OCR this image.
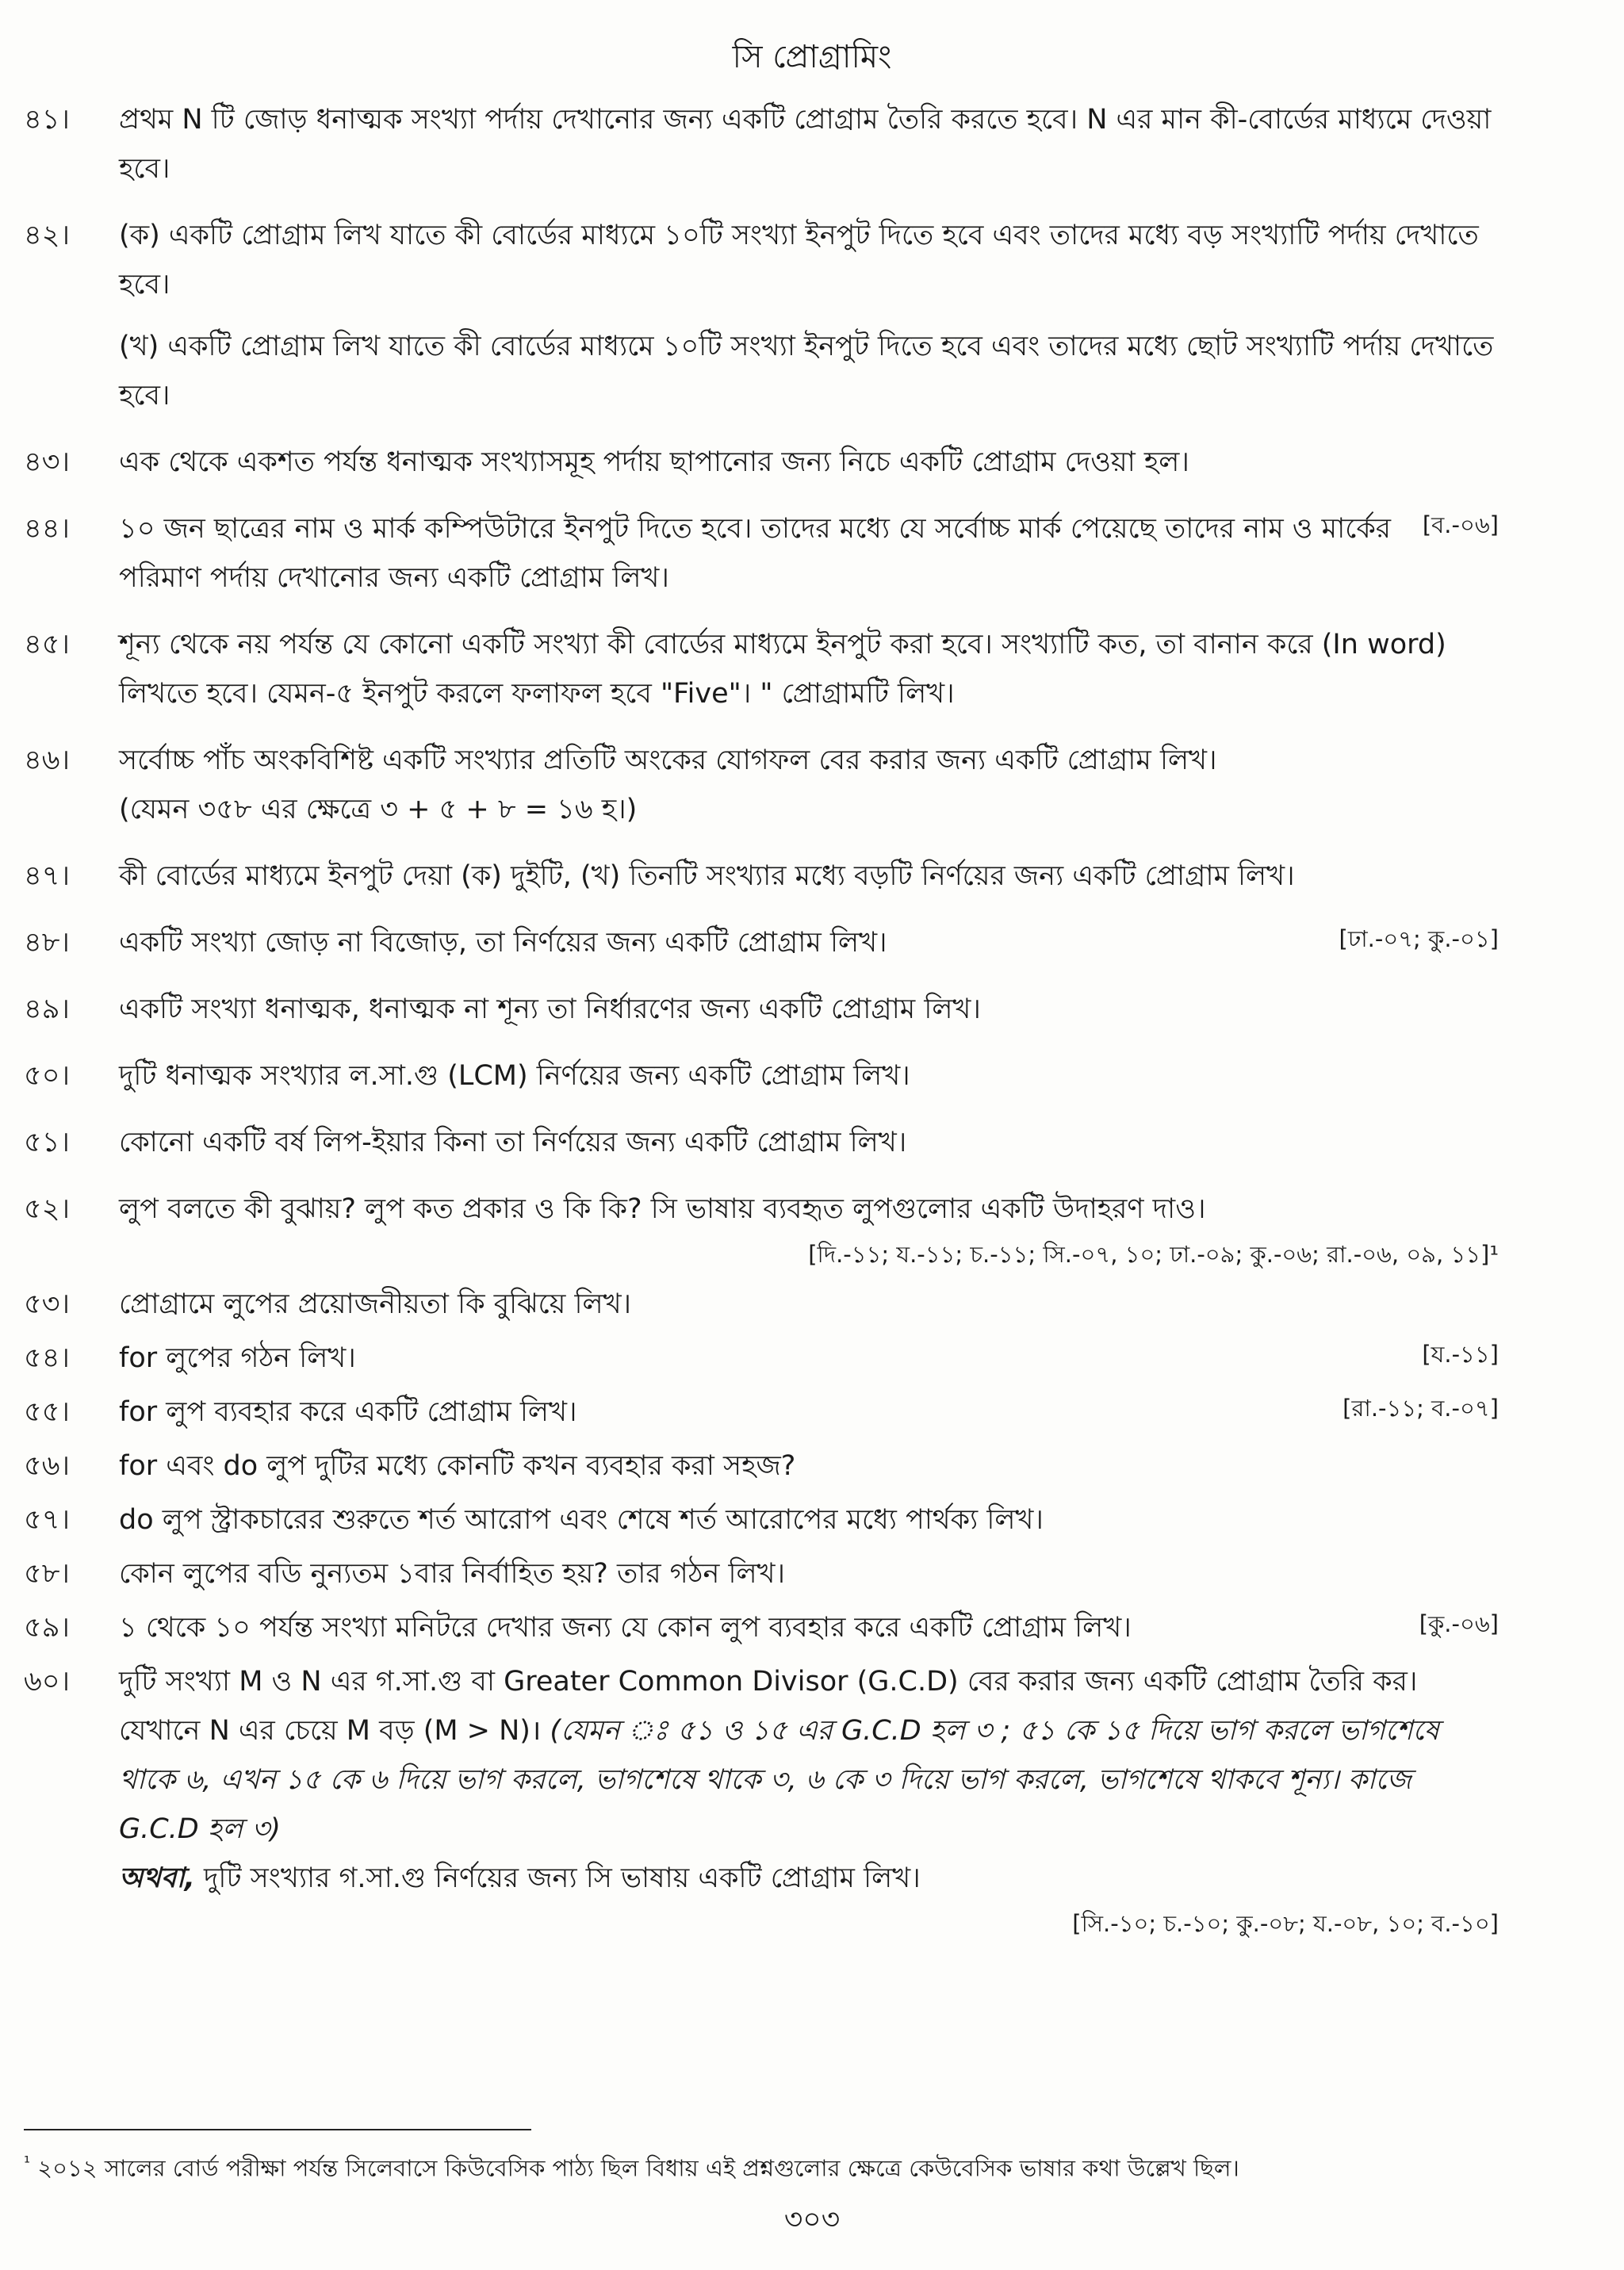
সি প্রোগ্রামিং
৪১।	প্রথম N টি জোড় ধনাত্মক সংখ্যা পর্দায় দেখানোর জন্য একটি প্রোগ্রাম তৈরি করতে হবে। N এর মান কী-বোর্ডের মাধ্যমে দেওয়া হবে।
৪২।	(ক) একটি প্রোগ্রাম লিখ যাতে কী বোর্ডের মাধ্যমে ১০টি সংখ্যা ইনপুট দিতে হবে এবং তাদের মধ্যে বড় সংখ্যাটি পর্দায় দেখাতে হবে।
(খ) একটি প্রোগ্রাম লিখ যাতে কী বোর্ডের মাধ্যমে ১০টি সংখ্যা ইনপুট দিতে হবে এবং তাদের মধ্যে ছোট সংখ্যাটি পর্দায় দেখাতে হবে।
৪৩।	এক থেকে একশত পর্যন্ত ধনাত্মক সংখ্যাসমূহ পর্দায় ছাপানোর জন্য নিচে একটি প্রোগ্রাম দেওয়া হল।
৪৪।	[ব.-০৬]
১০ জন ছাত্রের নাম ও মার্ক কম্পিউটারে ইনপুট দিতে হবে। তাদের মধ্যে যে সর্বোচ্চ মার্ক পেয়েছে তাদের নাম ও মার্কের পরিমাণ পর্দায় দেখানোর জন্য একটি প্রোগ্রাম লিখ।
৪৫।	শূন্য থেকে নয় পর্যন্ত যে কোনো একটি সংখ্যা কী বোর্ডের মাধ্যমে ইনপুট করা হবে। সংখ্যাটি কত, তা বানান করে (In word) লিখতে হবে। যেমন-৫ ইনপুট করলে ফলাফল হবে "Five"। " প্রোগ্রামটি লিখ।
৪৬।	সর্বোচ্চ পাঁচ অংকবিশিষ্ট একটি সংখ্যার প্রতিটি অংকের যোগফল বের করার জন্য একটি প্রোগ্রাম লিখ।
(যেমন ৩৫৮ এর ক্ষেত্রে ৩ + ৫ + ৮ = ১৬ হ।)
৪৭।	কী বোর্ডের মাধ্যমে ইনপুট দেয়া (ক) দুইটি, (খ) তিনটি সংখ্যার মধ্যে বড়টি নির্ণয়ের জন্য একটি প্রোগ্রাম লিখ।
৪৮।	[ঢা.-০৭; কু.-০১]
একটি সংখ্যা জোড় না বিজোড়, তা নির্ণয়ের জন্য একটি প্রোগ্রাম লিখ।
৪৯।	একটি সংখ্যা ধনাত্মক, ধনাত্মক না শূন্য তা নির্ধারণের জন্য একটি প্রোগ্রাম লিখ।
৫০।	দুটি ধনাত্মক সংখ্যার ল.সা.গু (LCM) নির্ণয়ের জন্য একটি প্রোগ্রাম লিখ।
৫১।	কোনো একটি বর্ষ লিপ-ইয়ার কিনা তা নির্ণয়ের জন্য একটি প্রোগ্রাম লিখ।
৫২।	লুপ বলতে কী বুঝায়? লুপ কত প্রকার ও কি কি? সি ভাষায় ব্যবহৃত লুপগুলোর একটি উদাহরণ দাও।
[দি.-১১; য.-১১; চ.-১১; সি.-০৭, ১০; ঢা.-০৯; কু.-০৬; রা.-০৬, ০৯, ১১]¹
৫৩।	প্রোগ্রামে লুপের প্রয়োজনীয়তা কি বুঝিয়ে লিখ।
৫৪।	[য.-১১]
for লুপের গঠন লিখ।
৫৫।	[রা.-১১; ব.-০৭]
for লুপ ব্যবহার করে একটি প্রোগ্রাম লিখ।
৫৬।	for এবং do লুপ দুটির মধ্যে কোনটি কখন ব্যবহার করা সহজ?
৫৭।	do লুপ স্ট্রাকচারের শুরুতে শর্ত আরোপ এবং শেষে শর্ত আরোপের মধ্যে পার্থক্য লিখ।
৫৮।	কোন লুপের বডি নুন্যতম ১বার নির্বাহিত হয়? তার গঠন লিখ।
৫৯।	[কু.-০৬]
১ থেকে ১০ পর্যন্ত সংখ্যা মনিটরে দেখার জন্য যে কোন লুপ ব্যবহার করে একটি প্রোগ্রাম লিখ।
৬০।	দুটি সংখ্যা M ও N এর গ.সা.গু বা Greater Common Divisor (G.C.D) বের করার জন্য একটি প্রোগ্রাম তৈরি কর। যেখানে N এর চেয়ে M বড় (M > N)। (যেমন ঃ ৫১ ও ১৫ এর G.C.D হল ৩ ; ৫১ কে ১৫ দিয়ে ভাগ করলে ভাগশেষে থাকে ৬, এখন ১৫ কে ৬ দিয়ে ভাগ করলে, ভাগশেষে থাকে ৩, ৬ কে ৩ দিয়ে ভাগ করলে, ভাগশেষে থাকবে শূন্য। কাজে G.C.D হল ৩)
অথবা, দুটি সংখ্যার গ.সা.গু নির্ণয়ের জন্য সি ভাষায় একটি প্রোগ্রাম লিখ।
[সি.-১০; চ.-১০; কু.-০৮; য.-০৮, ১০; ব.-১০]
$^{^1}$ ২০১২ সালের বোর্ড পরীক্ষা পর্যন্ত সিলেবাসে কিউবেসিক পাঠ্য ছিল বিধায় এই প্রশ্নগুলোর ক্ষেত্রে কেউবেসিক ভাষার কথা উল্লেখ ছিল।
৩০৩
